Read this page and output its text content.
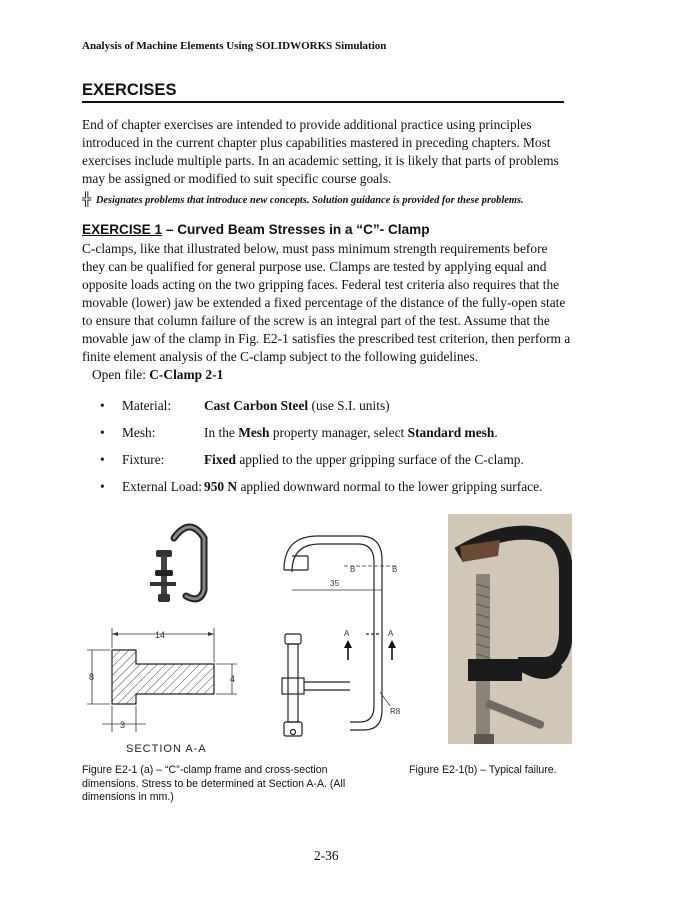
Analysis of Machine Elements Using SOLIDWORKS Simulation
EXERCISES
End of chapter exercises are intended to provide additional practice using principles introduced in the current chapter plus capabilities mastered in preceding chapters. Most exercises include multiple parts. In an academic setting, it is likely that parts of problems may be assigned or modified to suit specific course goals.
╬ Designates problems that introduce new concepts. Solution guidance is provided for these problems.
EXERCISE 1 – Curved Beam Stresses in a “C”- Clamp
C-clamps, like that illustrated below, must pass minimum strength requirements before they can be qualified for general purpose use. Clamps are tested by applying equal and opposite loads acting on the two gripping faces. Federal test criteria also requires that the movable (lower) jaw be extended a fixed percentage of the distance of the fully-open state to ensure that column failure of the screw is an integral part of the test. Assume that the movable jaw of the clamp in Fig. E2-1 satisfies the prescribed test criterion, then perform a finite element analysis of the C-clamp subject to the following guidelines.
Open file: C-Clamp 2-1
• Material: Cast Carbon Steel (use S.I. units)
• Mesh:	In the Mesh property manager, select Standard mesh.
• Fixture:	Fixed applied to the upper gripping surface of the C-clamp.
• External Load: 950 N applied downward normal to the lower gripping surface.
14
8	4
3
SECTION A-A
35
B	B
A	A
R8
Figure E2-1 (a) – “C”-clamp frame and cross-section dimensions. Stress to be determined at Section A-A. (All dimensions in mm.)
Figure E2-1(b) – Typical failure.
2-36
